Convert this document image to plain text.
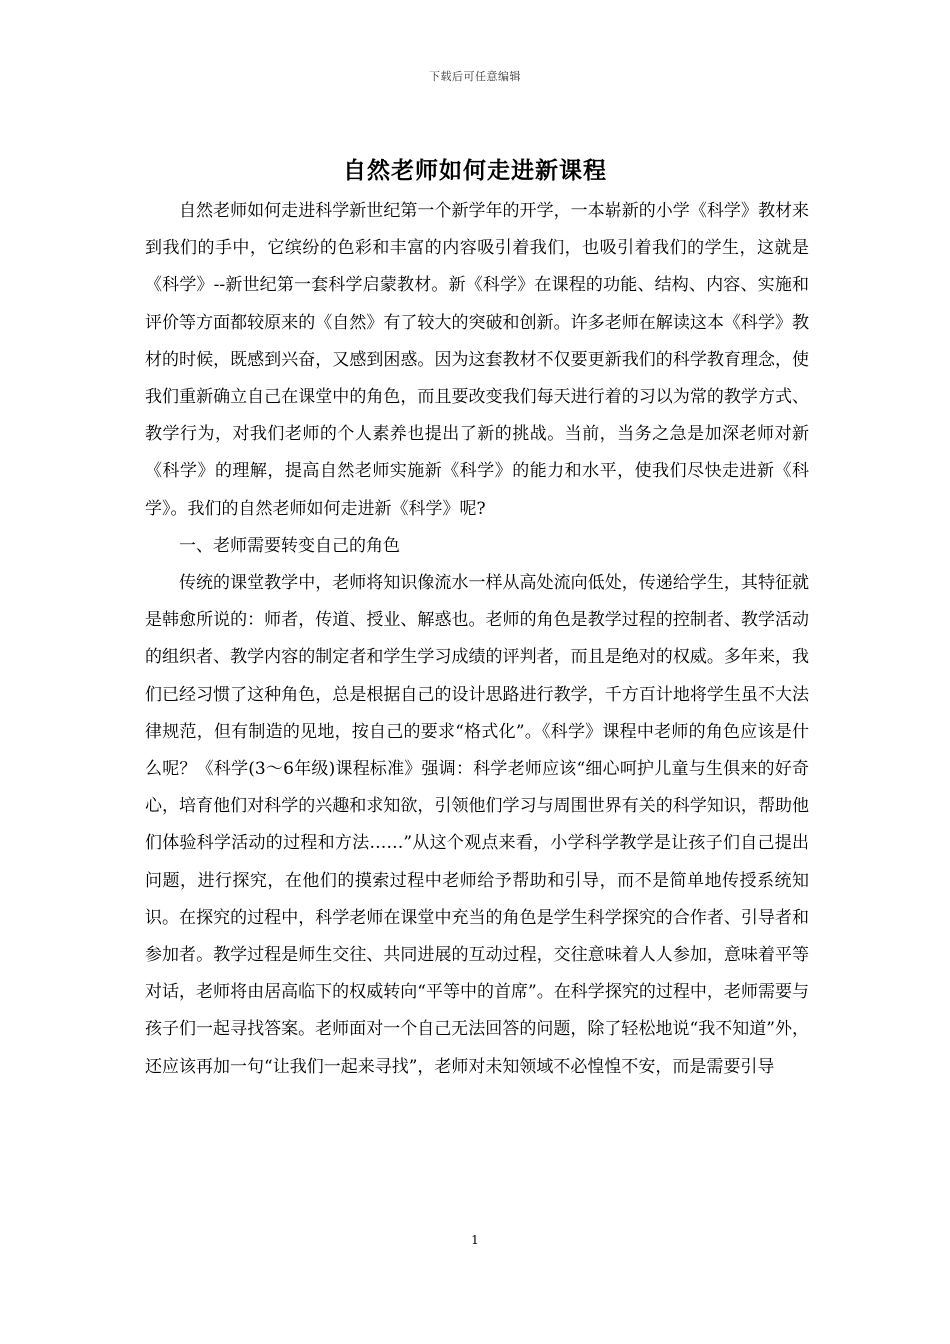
下载后可任意编辑
自然老师如何走进新课程

自然老师如何走进科学新世纪第一个新学年的开学，一本崭新的小学《科学》教材来到我们的手中，它缤纷的色彩和丰富的内容吸引着我们，也吸引着我们的学生，这就是《科学》--新世纪第一套科学启蒙教材。新《科学》在课程的功能、结构、内容、实施和评价等方面都较原来的《自然》有了较大的突破和创新。许多老师在解读这本《科学》教材的时候，既感到兴奋，又感到困惑。因为这套教材不仅要更新我们的科学教育理念，使我们重新确立自己在课堂中的角色，而且要改变我们每天进行着的习以为常的教学方式、教学行为，对我们老师的个人素养也提出了新的挑战。当前，当务之急是加深老师对新《科学》的理解，提高自然老师实施新《科学》的能力和水平，使我们尽快走进新《科学》。我们的自然老师如何走进新《科学》呢?

一、老师需要转变自己的角色

传统的课堂教学中，老师将知识像流水一样从高处流向低处，传递给学生，其特征就是韩愈所说的：师者，传道、授业、解惑也。老师的角色是教学过程的控制者、教学活动的组织者、教学内容的制定者和学生学习成绩的评判者，而且是绝对的权威。多年来，我们已经习惯了这种角色，总是根据自己的设计思路进行教学，千方百计地将学生虽不大法律规范，但有制造的见地，按自己的要求“格式化”。《科学》课程中老师的角色应该是什么呢？《科学(3～6年级)课程标准》强调：科学老师应该“细心呵护儿童与生俱来的好奇心，培育他们对科学的兴趣和求知欲，引领他们学习与周围世界有关的科学知识，帮助他们体验科学活动的过程和方法……”从这个观点来看，小学科学教学是让孩子们自己提出问题，进行探究，在他们的摸索过程中老师给予帮助和引导，而不是简单地传授系统知识。在探究的过程中，科学老师在课堂中充当的角色是学生科学探究的合作者、引导者和参加者。教学过程是师生交往、共同进展的互动过程，交往意味着人人参加，意味着平等对话，老师将由居高临下的权威转向“平等中的首席”。在科学探究的过程中，老师需要与孩子们一起寻找答案。老师面对一个自己无法回答的问题，除了轻松地说“我不知道”外，还应该再加一句“让我们一起来寻找”，老师对未知领域不必惶惶不安，而是需要引导

1
